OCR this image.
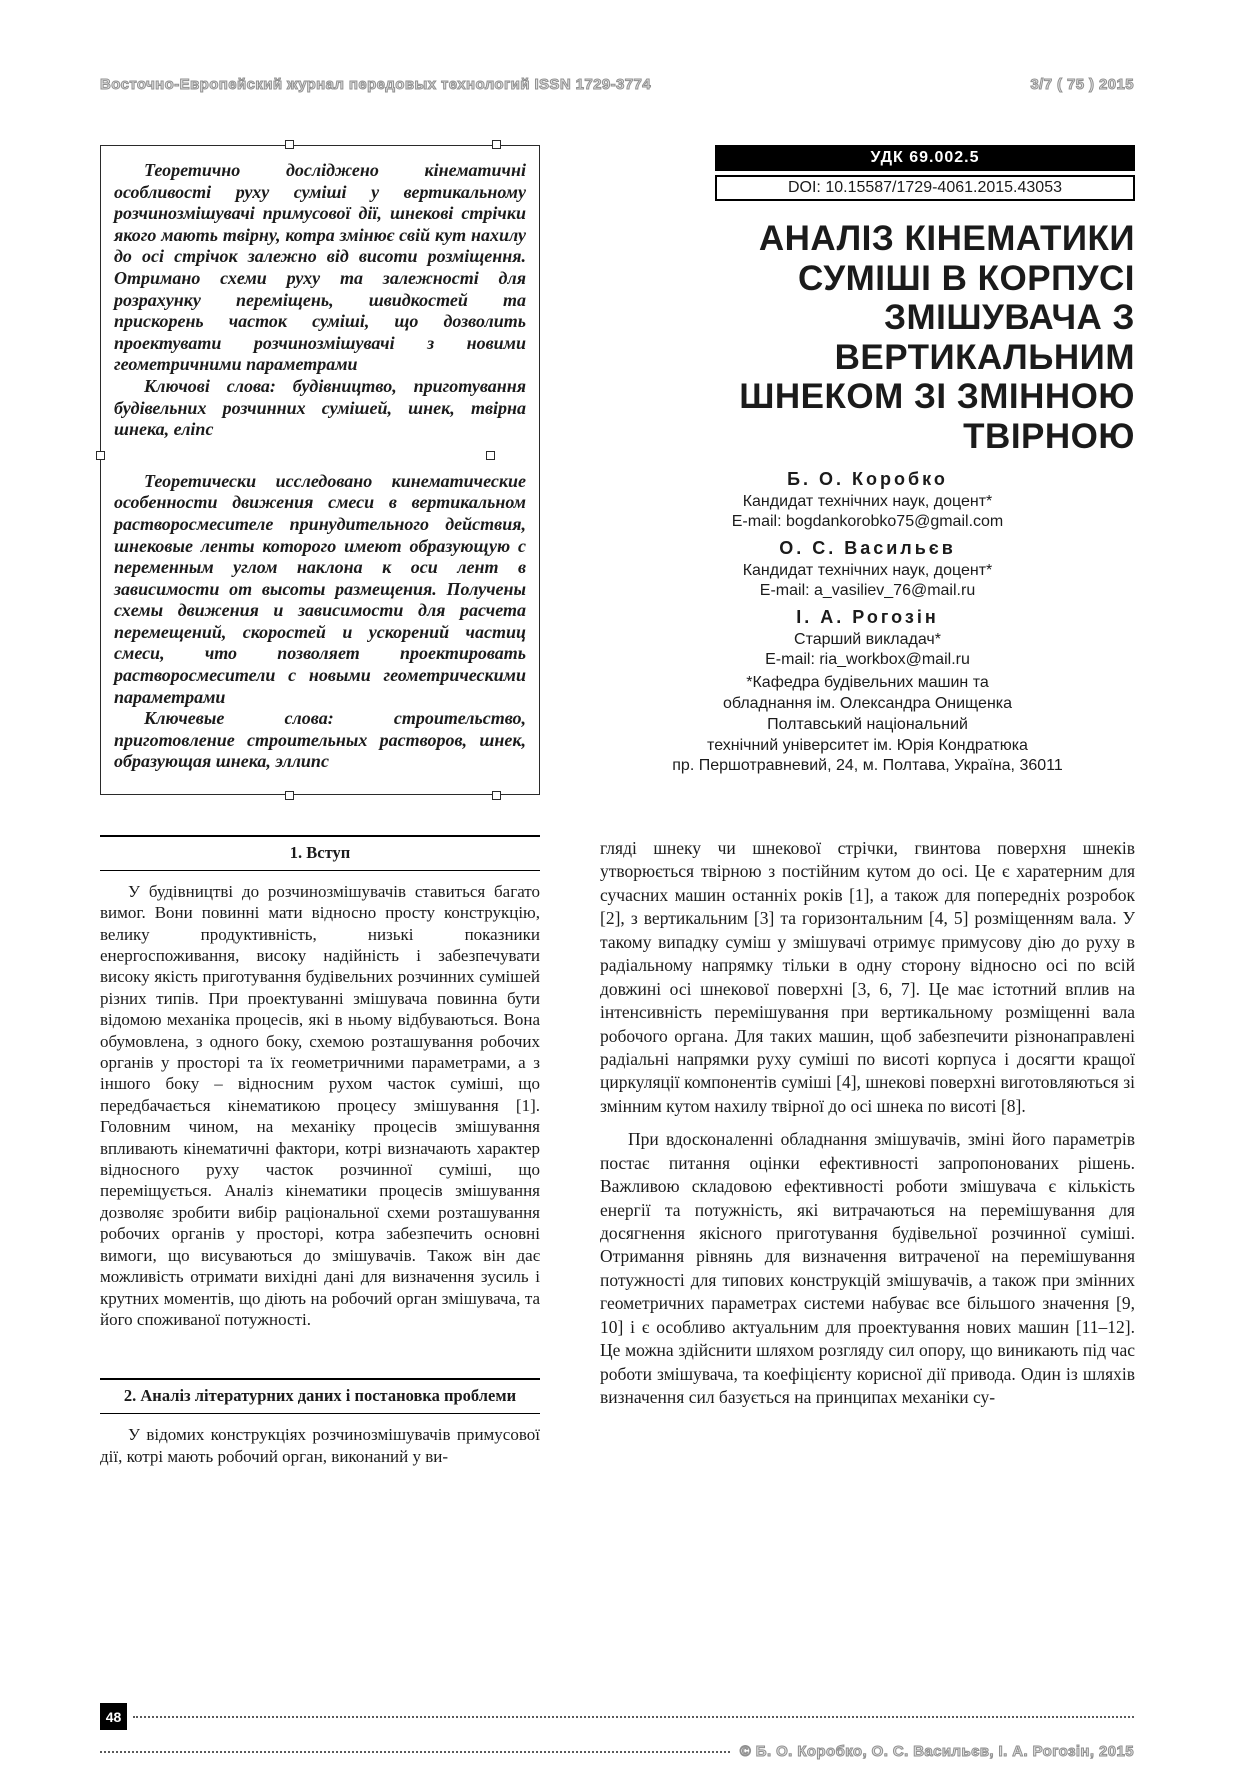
Восточно-Европейский журнал передовых технологий ISSN 1729-3774	3/7 ( 75 ) 2015

Теоретично досліджено кінематичні особливості руху суміші у вертикальному розчинозмішувачі примусової дії, шнекові стрічки якого мають твірну, котра змінює свій кут нахилу до осі стрічок залежно від висоти розміщення. Отримано схеми руху та залежності для розрахунку переміщень, швидкостей та прискорень часток суміші, що дозволить проектувати розчинозмішувачі з новими геометричними параметрами

Ключові слова: будівництво, приготування будівельних розчинних сумішей, шнек, твірна шнека, еліпс

Теоретически исследовано кинематические особенности движения смеси в вертикальном растворосмесителе принудительного действия, шнековые ленты которого имеют образующую с переменным углом наклона к оси лент в зависимости от высоты размещения. Получены схемы движения и зависимости для расчета перемещений, скоростей и ускорений частиц смеси, что позволяет проектировать растворосмесители с новыми геометрическими параметрами

Ключевые слова: строительство, приготовление строительных растворов, шнек, образующая шнека, эллипс

УДК 69.002.5
DOI: 10.15587/1729-4061.2015.43053
АНАЛІЗ КІНЕМАТИКИ
СУМІШІ В КОРПУСІ
ЗМІШУВАЧА З
ВЕРТИКАЛЬНИМ
ШНЕКОМ ЗІ ЗМІННОЮ
ТВІРНОЮ
Б. О. Коробко
Кандидат технічних наук, доцент*
E-mail: bogdankorobko75@gmail.com
О. С. Васильєв
Кандидат технічних наук, доцент*
E-mail: a_vasiliev_76@mail.ru
І. А. Рогозін
Старший викладач*
E-mail: ria_workbox@mail.ru
*Кафедра будівельних машин та
обладнання ім. Олександра Онищенка
Полтавський національний
технічний університет ім. Юрія Кондратюка
пр. Першотравневий, 24, м. Полтава, Україна, 36011
1. Вступ

У будівництві до розчинозмішувачів ставиться багато вимог. Вони повинні мати відносно просту конструкцію, велику продуктивність, низькі показники енергоспоживання, високу надійність і забезпечувати високу якість приготування будівельних розчинних сумішей різних типів. При проектуванні змішувача повинна бути відомою механіка процесів, які в ньому відбуваються. Вона обумовлена, з одного боку, схемою розташування робочих органів у просторі та їх геометричними параметрами, а з іншого боку – відносним рухом часток суміші, що передбачається кінематикою процесу змішування [1]. Головним чином, на механіку процесів змішування впливають кінематичні фактори, котрі визначають характер відносного руху часток розчинної суміші, що переміщується. Аналіз кінематики процесів змішування дозволяє зробити вибір раціональної схеми розташування робочих органів у просторі, котра забезпечить основні вимоги, що висуваються до змішувачів. Також він дає можливість отримати вихідні дані для визначення зусиль і крутних моментів, що діють на робочий орган змішувача, та його споживаної потужності.

2. Аналіз літературних даних і постановка проблеми

У відомих конструкціях розчинозмішувачів примусової дії, котрі мають робочий орган, виконаний у ви-

гляді шнеку чи шнекової стрічки, гвинтова поверхня шнеків утворюється твірною з постійним кутом до осі. Це є харатерним для сучасних машин останніх років [1], а також для попередніх розробок [2], з вертикальним [3] та горизонтальним [4, 5] розміщенням вала. У такому випадку суміш у змішувачі отримує примусову дію до руху в радіальному напрямку тільки в одну сторону відносно осі по всій довжині осі шнекової поверхні [3, 6, 7]. Це має істотний вплив на інтенсивність перемішування при вертикальному розміщенні вала робочого органа. Для таких машин, щоб забезпечити різнонаправлені радіальні напрямки руху суміші по висоті корпуса і досягти кращої циркуляції компонентів суміші [4], шнекові поверхні виготовляються зі змінним кутом нахилу твірної до осі шнека по висоті [8].

При вдосконаленні обладнання змішувачів, зміні його параметрів постає питання оцінки ефективності запропонованих рішень. Важливою складовою ефективності роботи змішувача є кількість енергії та потужність, які витрачаються на перемішування для досягнення якісного приготування будівельної розчинної суміші. Отримання рівнянь для визначення витраченої на перемішування потужності для типових конструкцій змішувачів, а також при змінних геометричних параметрах системи набуває все більшого значення [9, 10] і є особливо актуальним для проектування нових машин [11–12]. Це можна здійснити шляхом розгляду сил опору, що виникають під час роботи змішувача, та коефіцієнту корисної дії привода. Один із шляхів визначення сил базується на принципах механіки су-

48
© Б. О. Коробко, О. С. Васильєв, І. А. Рогозін, 2015
